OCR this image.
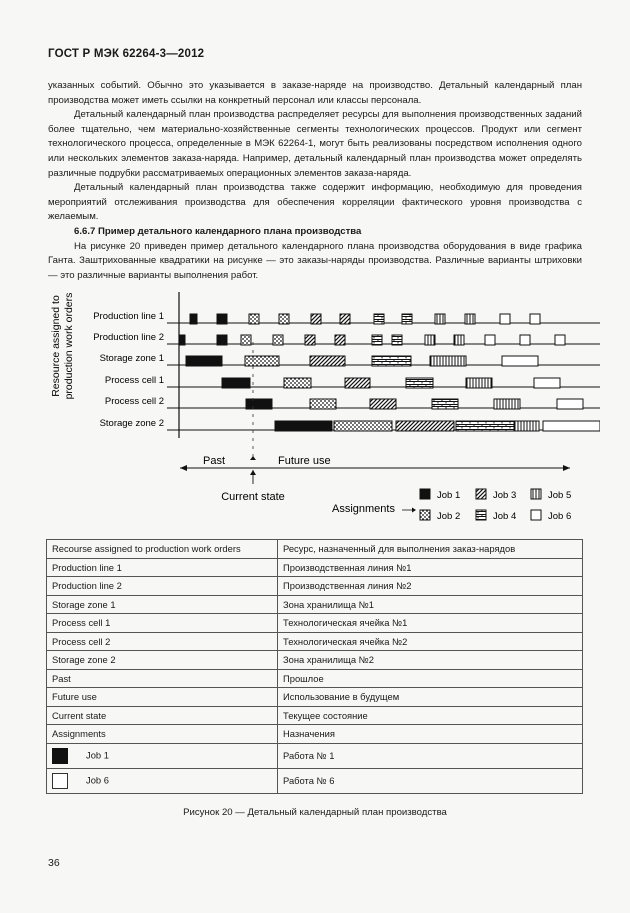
ГОСТ Р МЭК 62264-3—2012

указанных событий. Обычно это указывается в заказе-наряде на производство. Детальный календарный план производства может иметь ссылки на конкретный персонал или классы персонала.

Детальный календарный план производства распределяет ресурсы для выполнения производственных заданий более тщательно, чем материально-хозяйственные сегменты технологических процессов. Продукт или сегмент технологического процесса, определенные в МЭК 62264-1, могут быть реализованы посредством исполнения одного или нескольких элементов заказа-наряда. Например, детальный календарный план производства может определять различные подрубки рассматриваемых операционных элементов заказа-наряда.

Детальный календарный план производства также содержит информацию, необходимую для проведения мероприятий отслеживания производства для обеспечения корреляции фактического уровня производства с желаемым.

6.6.7 Пример детального календарного плана производства

На рисунке 20 приведен пример детального календарного плана производства оборудования в виде графика Ганта. Заштрихованные квадратики на рисунке — это заказы-наряды производства. Различные варианты штриховки — это различные варианты выполнения работ.

Resource assigned to production work orders Production line 1
Production line 2
Storage zone 1
Process cell 1
Process cell 2
Storage zone 2
Past	Future use
Current state
Assignments
Job 1
Job 2
Job 3
Job 4
Job 5
Job 6
Recourse assigned to production work orders	Ресурс, назначенный для выполнения заказ-нарядов
Production line 1	Производственная линия №1
Production line 2	Производственная линия №2
Storage zone 1	Зона хранилища №1
Process cell 1	Технологическая ячейка №1
Process cell 2	Технологическая ячейка №2
Storage zone 2	Зона хранилища №2
Past	Прошлое
Future use	Использование в будущем
Current state	Текущее состояние
Assignments	Назначения
Job 1	Работа № 1
Job 6	Работа № 6
Рисунок 20 — Детальный календарный план производства
36
